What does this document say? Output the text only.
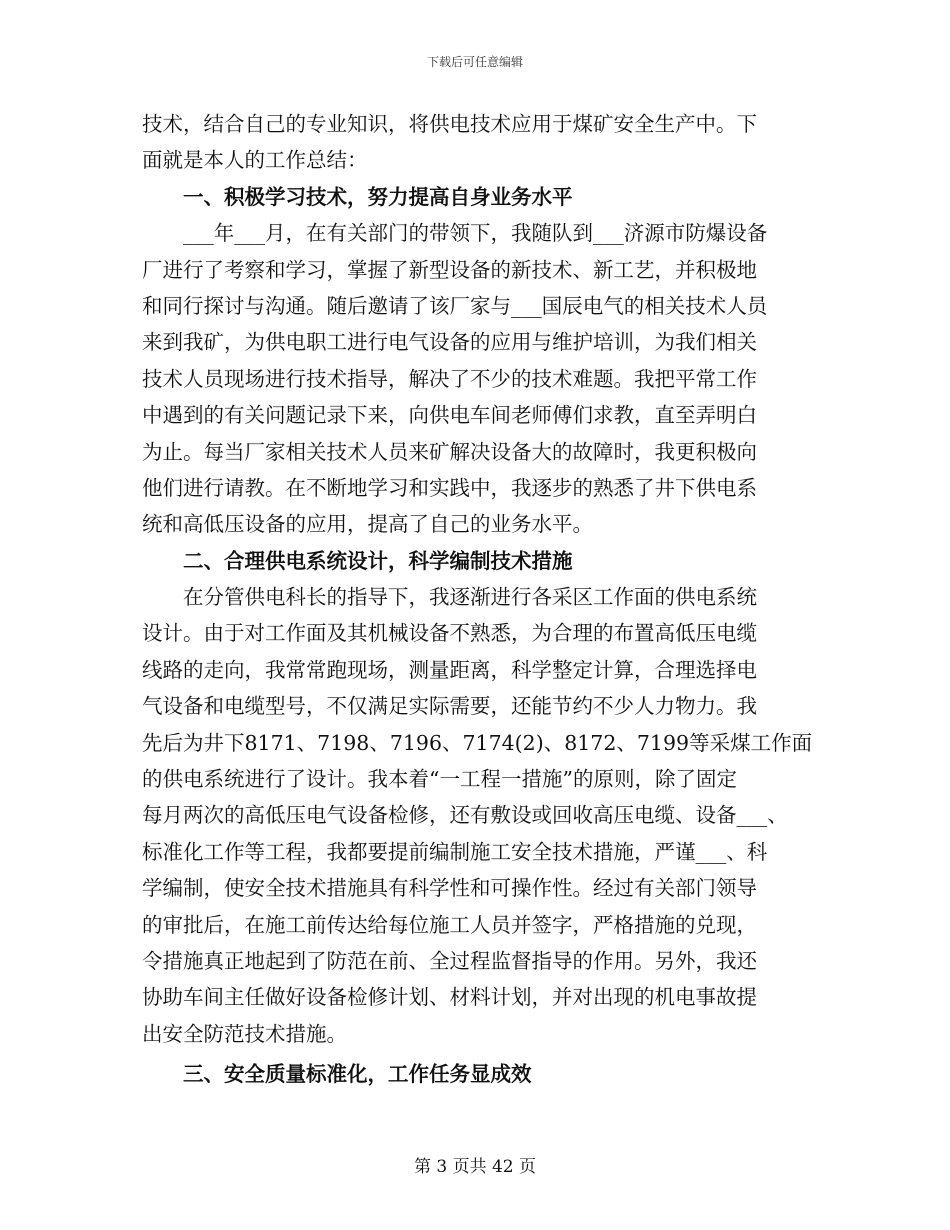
下载后可任意编辑
技术，结合自己的专业知识，将供电技术应用于煤矿安全生产中。下
面就是本人的工作总结：
一、积极学习技术，努力提高自身业务水平
___年___月，在有关部门的带领下，我随队到___济源市防爆设备
厂进行了考察和学习，掌握了新型设备的新技术、新工艺，并积极地
和同行探讨与沟通。随后邀请了该厂家与___国辰电气的相关技术人员
来到我矿，为供电职工进行电气设备的应用与维护培训，为我们相关
技术人员现场进行技术指导，解决了不少的技术难题。我把平常工作
中遇到的有关问题记录下来，向供电车间老师傅们求教，直至弄明白
为止。每当厂家相关技术人员来矿解决设备大的故障时，我更积极向
他们进行请教。在不断地学习和实践中，我逐步的熟悉了井下供电系
统和高低压设备的应用，提高了自己的业务水平。
二、合理供电系统设计，科学编制技术措施
在分管供电科长的指导下，我逐渐进行各采区工作面的供电系统
设计。由于对工作面及其机械设备不熟悉，为合理的布置高低压电缆
线路的走向，我常常跑现场，测量距离，科学整定计算，合理选择电
气设备和电缆型号，不仅满足实际需要，还能节约不少人力物力。我
先后为井下8171、7198、7196、7174(2)、8172、7199等采煤工作面
的供电系统进行了设计。我本着“一工程一措施”的原则，除了固定
每月两次的高低压电气设备检修，还有敷设或回收高压电缆、设备___、
标准化工作等工程，我都要提前编制施工安全技术措施，严谨___、科
学编制，使安全技术措施具有科学性和可操作性。经过有关部门领导
的审批后，在施工前传达给每位施工人员并签字，严格措施的兑现，
令措施真正地起到了防范在前、全过程监督指导的作用。另外，我还
协助车间主任做好设备检修计划、材料计划，并对出现的机电事故提
出安全防范技术措施。
三、安全质量标准化，工作任务显成效
第 3 页共 42 页
